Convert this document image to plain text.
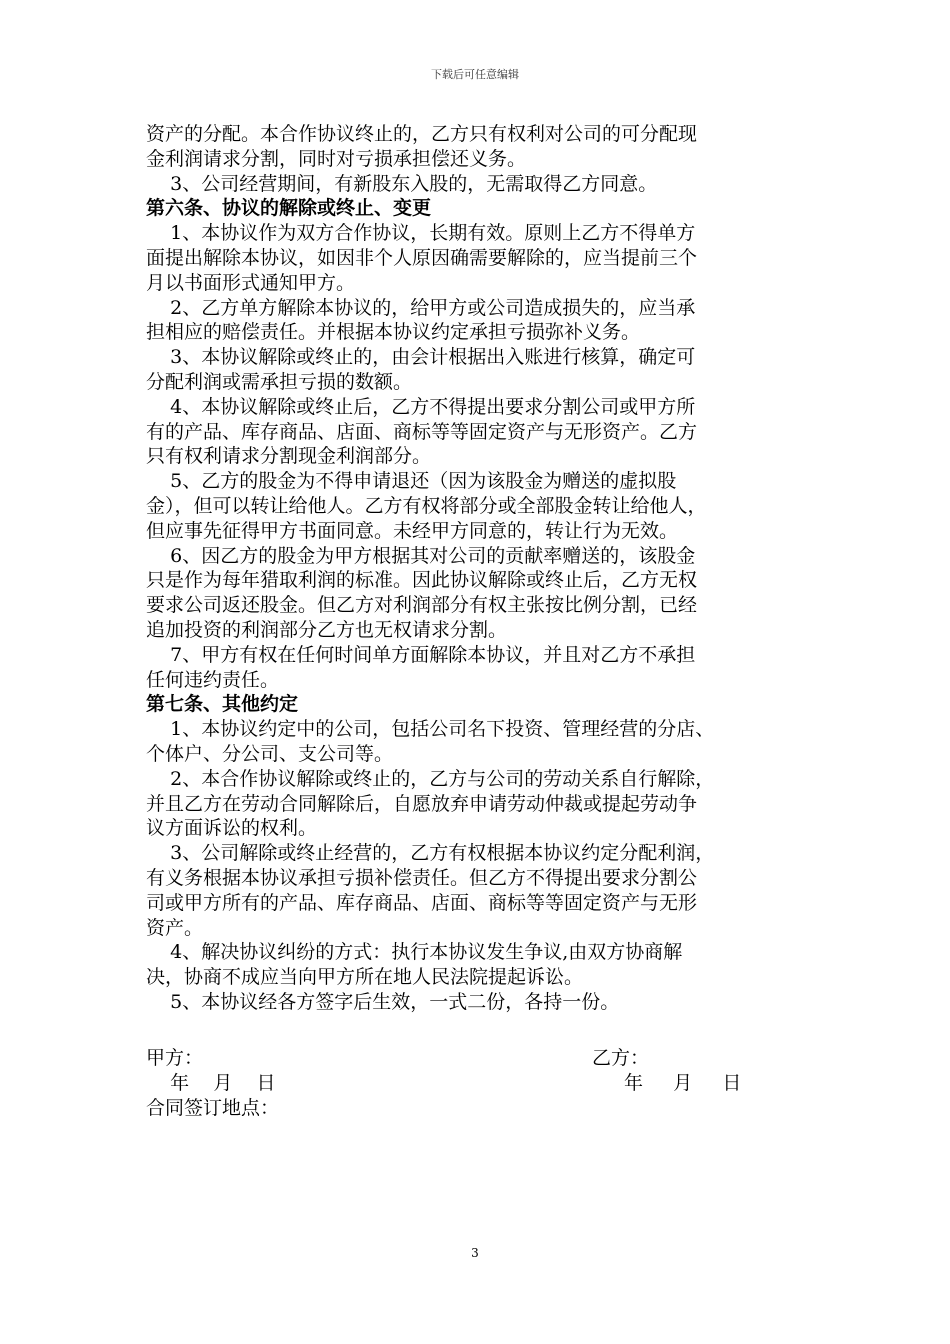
下载后可任意编辑
资产的分配。本合作协议终止的，乙方只有权利对公司的可分配现
金利润请求分割，同时对亏损承担偿还义务。
3、公司经营期间，有新股东入股的，无需取得乙方同意。
第六条、协议的解除或终止、变更
1、本协议作为双方合作协议，长期有效。原则上乙方不得单方
面提出解除本协议，如因非个人原因确需要解除的，应当提前三个
月以书面形式通知甲方。
2、乙方单方解除本协议的，给甲方或公司造成损失的，应当承
担相应的赔偿责任。并根据本协议约定承担亏损弥补义务。
3、本协议解除或终止的，由会计根据出入账进行核算，确定可
分配利润或需承担亏损的数额。
4、本协议解除或终止后，乙方不得提出要求分割公司或甲方所
有的产品、库存商品、店面、商标等等固定资产与无形资产。乙方
只有权利请求分割现金利润部分。
5、乙方的股金为不得申请退还（因为该股金为赠送的虚拟股
金），但可以转让给他人。乙方有权将部分或全部股金转让给他人，
但应事先征得甲方书面同意。未经甲方同意的，转让行为无效。
6、因乙方的股金为甲方根据其对公司的贡献率赠送的，该股金
只是作为每年猎取利润的标准。因此协议解除或终止后，乙方无权
要求公司返还股金。但乙方对利润部分有权主张按比例分割，已经
追加投资的利润部分乙方也无权请求分割。
7、甲方有权在任何时间单方面解除本协议，并且对乙方不承担
任何违约责任。
第七条、其他约定
1、本协议约定中的公司，包括公司名下投资、管理经营的分店、
个体户、分公司、支公司等。
2、本合作协议解除或终止的，乙方与公司的劳动关系自行解除，
并且乙方在劳动合同解除后，自愿放弃申请劳动仲裁或提起劳动争
议方面诉讼的权利。
3、公司解除或终止经营的，乙方有权根据本协议约定分配利润，
有义务根据本协议承担亏损补偿责任。但乙方不得提出要求分割公
司或甲方所有的产品、库存商品、店面、商标等等固定资产与无形
资产。
4、解决协议纠纷的方式：执行本协议发生争议,由双方协商解
决，协商不成应当向甲方所在地人民法院提起诉讼。
5、本协议经各方签字后生效，一式二份，各持一份。
甲方：	乙方：
年    月    日	年     月     日
合同签订地点：
3
